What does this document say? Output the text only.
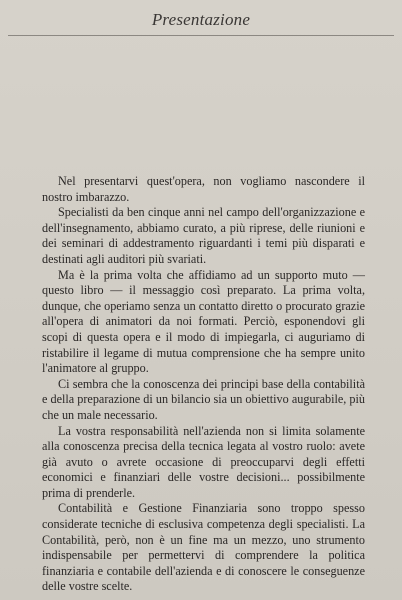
Presentazione

Nel presentarvi quest'opera, non vogliamo nascondere il nostro imbarazzo.

Specialisti da ben cinque anni nel campo dell'organizzazione e dell'insegnamento, abbiamo curato, a più riprese, delle riunioni e dei seminari di addestramento riguardanti i temi più disparati e destinati agli auditori più svariati.

Ma è la prima volta che affidiamo ad un supporto muto — questo libro — il messaggio così preparato. La prima volta, dunque, che operiamo senza un contatto diretto o procurato grazie all'opera di animatori da noi formati. Perciò, esponendovi gli scopi di questa opera e il modo di impiegarla, ci auguriamo di ristabilire il legame di mutua comprensione che ha sempre unito l'animatore al gruppo.

Ci sembra che la conoscenza dei principi base della contabilità e della preparazione di un bilancio sia un obiettivo augurabile, più che un male necessario.

La vostra responsabilità nell'azienda non si limita solamente alla conoscenza precisa della tecnica legata al vostro ruolo: avete già avuto o avrete occasione di preoccuparvi degli effetti economici e finanziari delle vostre decisioni... possibilmente prima di prenderle.

Contabilità e Gestione Finanziaria sono troppo spesso considerate tecniche di esclusiva competenza degli specialisti. La Contabilità, però, non è un fine ma un mezzo, uno strumento indispensabile per permettervi di comprendere la politica finanziaria e contabile dell'azienda e di conoscere le conseguenze delle vostre scelte.
